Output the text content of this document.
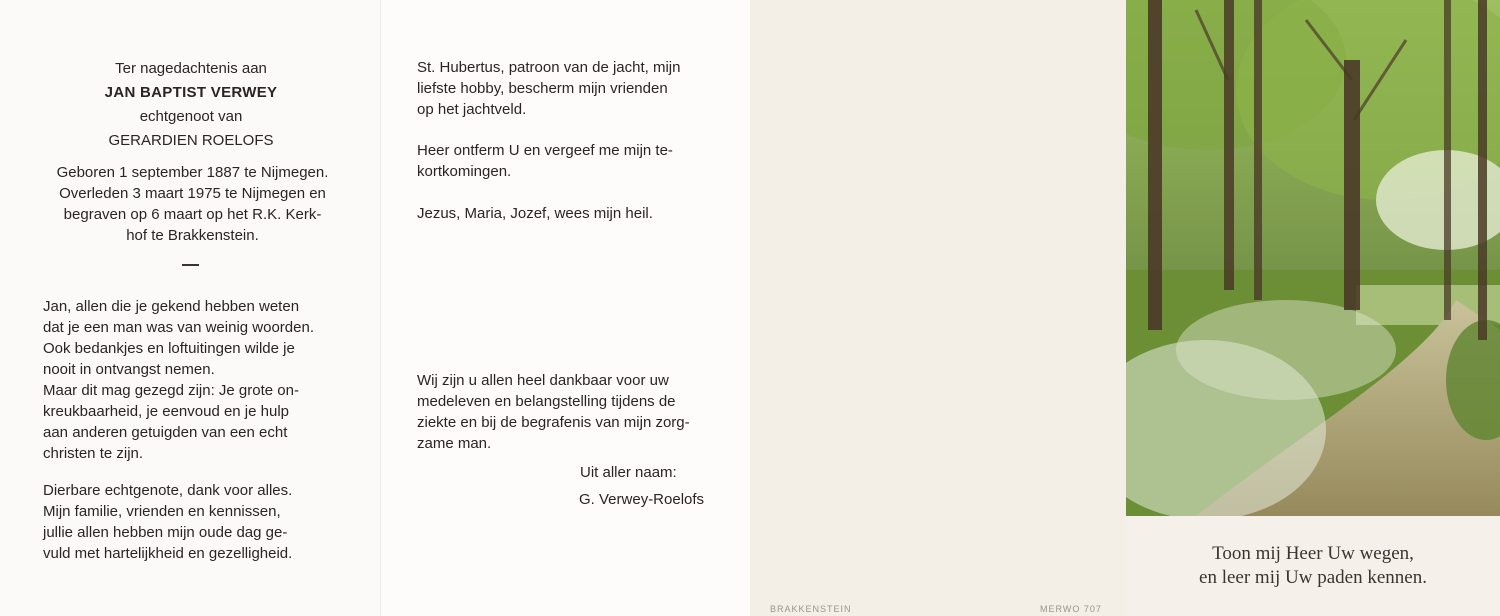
Ter nagedachtenis aan
JAN BAPTIST VERWEY
echtgenoot van
GERARDIEN ROELOFS
Geboren 1 september 1887 te Nijmegen.
Overleden 3 maart 1975 te Nijmegen en
begraven op 6 maart op het R.K. Kerk-
hof te Brakkenstein.
Jan, allen die je gekend hebben weten
dat je een man was van weinig woorden.
Ook bedankjes en loftuitingen wilde je
nooit in ontvangst nemen.
Maar dit mag gezegd zijn: Je grote on-
kreukbaarheid, je eenvoud en je hulp
aan anderen getuigden van een echt
christen te zijn.
Dierbare echtgenote, dank voor alles.
Mijn familie, vrienden en kennissen,
jullie allen hebben mijn oude dag ge-
vuld met hartelijkheid en gezelligheid.
St. Hubertus, patroon van de jacht, mijn
liefste hobby, bescherm mijn vrienden
op het jachtveld.
Heer ontferm U en vergeef me mijn te-
kortkomingen.
Jezus, Maria, Jozef, wees mijn heil.
Wij zijn u allen heel dankbaar voor uw
medeleven en belangstelling tijdens de
ziekte en bij de begrafenis van mijn zorg-
zame man.
Uit aller naam:
G. Verwey-Roelofs
BRAKKENSTEIN	MERWO 707
Toon mij Heer Uw wegen,
en leer mij Uw paden kennen.
